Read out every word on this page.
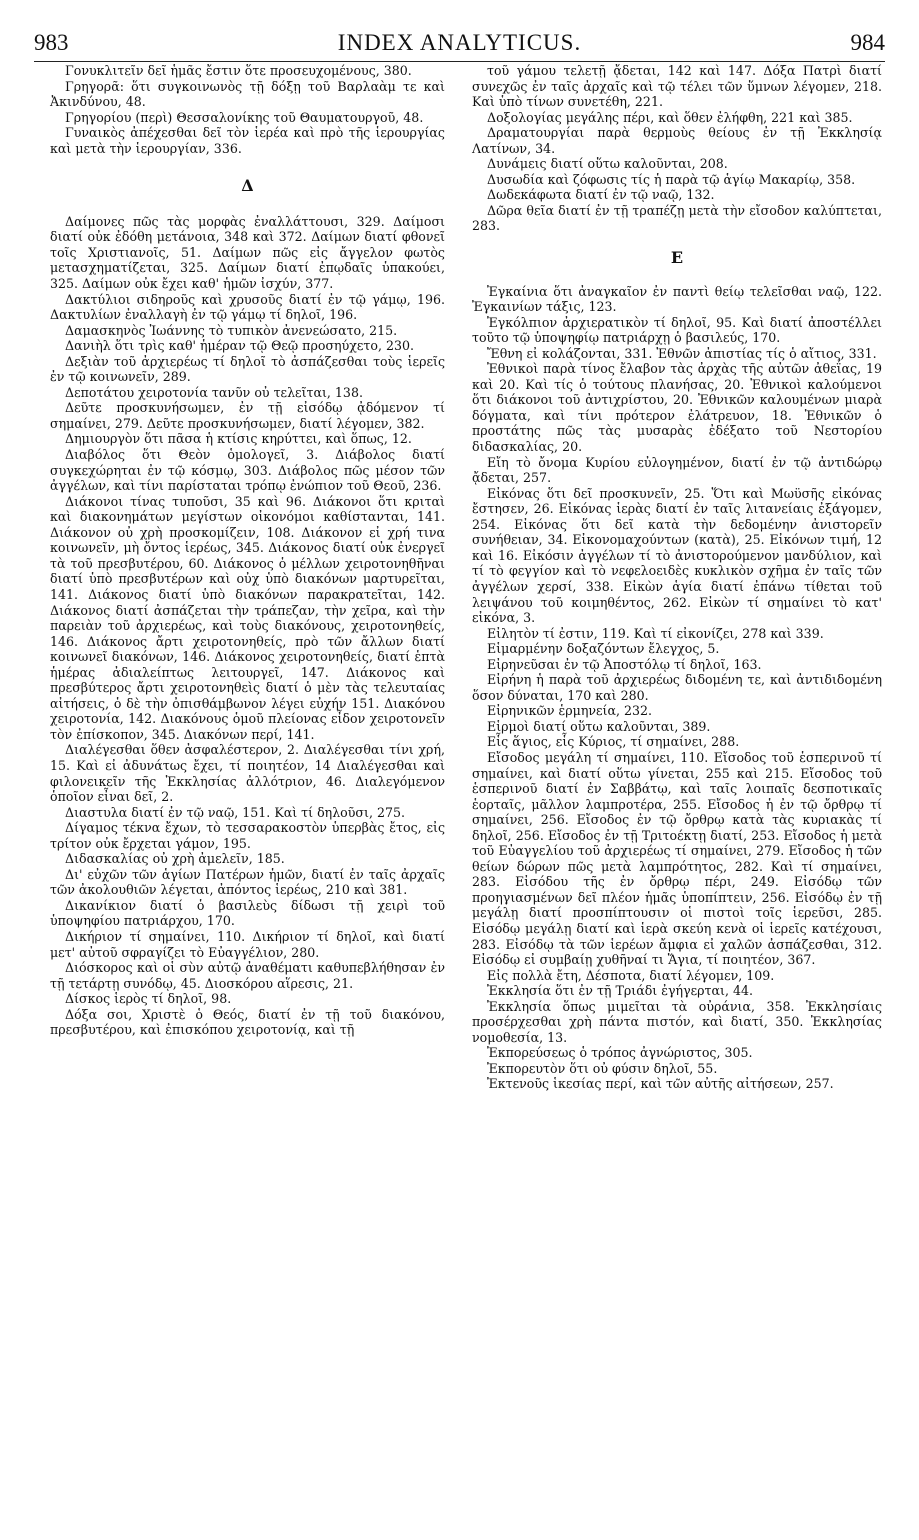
983	INDEX ANALYTICUS.	984

Γονυκλιτεῖν δεῖ ἡμᾶς ἔστιν ὅτε προσευχομένους, 380.

Γρηγορᾶ: ὅτι συγκοινωνὸς τῇ δόξῃ τοῦ Βαρλαὰμ τε καὶ Ἀκινδύνου, 48.

Γρηγορίου (περὶ) Θεσσαλονίκης τοῦ Θαυματουργοῦ, 48.

Γυναικὸς ἀπέχεσθαι δεῖ τὸν ἱερέα καὶ πρὸ τῆς ἱερουργίας καὶ μετὰ τὴν ἱερουργίαν, 336.

Δ

Δαίμονες πῶς τὰς μορφὰς ἐναλλάττουσι, 329. Δαίμοσι διατί οὐκ ἐδόθη μετάνοια, 348 καὶ 372. Δαίμων διατί φθονεῖ τοῖς Χριστιανοῖς, 51. Δαίμων πῶς εἰς ἄγγελον φωτὸς μετασχηματίζεται, 325. Δαίμων διατί ἐπῳδαῖς ὑπακούει, 325. Δαίμων οὐκ ἔχει καθ' ἡμῶν ἰσχύν, 377.

Δακτύλιοι σιδηροῦς καὶ χρυσοῦς διατί ἐν τῷ γάμῳ, 196. Δακτυλίων ἐναλλαγὴ ἐν τῷ γάμῳ τί δηλοῖ, 196.

Δαμασκηνὸς Ἰωάννης τὸ τυπικὸν ἀνενεώσατο, 215.

Δανιὴλ ὅτι τρὶς καθ' ἡμέραν τῷ Θεῷ προσηύχετο, 230.

Δεξιὰν τοῦ ἀρχιερέως τί δηλοῖ τὸ ἀσπάζεσθαι τοὺς ἱερεῖς ἐν τῷ κοινωνεῖν, 289.

Δεποτάτου χειροτονία τανῦν οὐ τελεῖται, 138.

Δεῦτε προσκυνήσωμεν, ἐν τῇ εἰσόδῳ ᾀδόμενον τί σημαίνει, 279. Δεῦτε προσκυνήσωμεν, διατί λέγομεν, 382.

Δημιουργὸν ὅτι πᾶσα ἡ κτίσις κηρύττει, καὶ ὅπως, 12.

Διαβόλος ὅτι Θεὸν ὁμολογεῖ, 3. Διάβολος διατί συγκεχώρηται ἐν τῷ κόσμῳ, 303. Διάβολος πῶς μέσον τῶν ἀγγέλων, καὶ τίνι παρίσταται τρόπῳ ἐνώπιον τοῦ Θεοῦ, 236.

Διάκονοι τίνας τυποῦσι, 35 καὶ 96. Διάκονοι ὅτι κριταὶ καὶ διακονημάτων μεγίστων οἰκονόμοι καθίστανται, 141. Διάκονον οὐ χρὴ προσκομίζειν, 108. Διάκονον εἰ χρή τινα κοινωνεῖν, μὴ ὄντος ἱερέως, 345. Διάκονος διατί οὐκ ἐνεργεῖ τὰ τοῦ πρεσβυτέρου, 60. Διάκονος ὁ μέλλων χειροτονηθῆναι διατί ὑπὸ πρεσβυτέρων καὶ οὐχ ὑπὸ διακόνων μαρτυρεῖται, 141. Διάκονος διατί ὑπὸ διακόνων παρακρατεῖται, 142. Διάκονος διατί ἀσπάζεται τὴν τράπεζαν, τὴν χεῖρα, καὶ τὴν παρειὰν τοῦ ἀρχιερέως, καὶ τοὺς διακόνους, χειροτονηθείς, 146. Διάκονος ἄρτι χειροτονηθείς, πρὸ τῶν ἄλλων διατί κοινωνεῖ διακόνων, 146. Διάκονος χειροτονηθείς, διατί ἑπτὰ ἡμέρας ἀδιαλείπτως λειτουργεῖ, 147. Διάκονος καὶ πρεσβύτερος ἄρτι χειροτονηθεὶς διατί ὁ μὲν τὰς τελευταίας αἰτήσεις, ὁ δὲ τὴν ὀπισθάμβωνον λέγει εὐχήν 151. Διακόνου χειροτονία, 142. Διακόνους ὁμοῦ πλείονας εἶδον χειροτονεῖν τὸν ἐπίσκοπον, 345. Διακόνων περί, 141.

Διαλέγεσθαι ὅθεν ἀσφαλέστερον, 2. Διαλέγεσθαι τίνι χρή, 15. Καὶ εἰ ἀδυνάτως ἔχει, τί ποιητέον, 14 Διαλέγεσθαι καὶ φιλονεικεῖν τῆς Ἐκκλησίας ἀλλότριον, 46. Διαλεγόμενον ὁποῖον εἶναι δεῖ, 2.

Διαστυλα διατί ἐν τῷ ναῷ, 151. Καὶ τί δηλοῦσι, 275.

Δίγαμος τέκνα ἔχων, τὸ τεσσαρακοστὸν ὑπερβὰς ἔτος, εἰς τρίτον οὐκ ἔρχεται γάμον, 195.

Διδασκαλίας οὐ χρὴ ἀμελεῖν, 185.

Δι' εὐχῶν τῶν ἁγίων Πατέρων ἡμῶν, διατί ἐν ταῖς ἀρχαῖς τῶν ἀκολουθιῶν λέγεται, ἀπόντος ἱερέως, 210 καὶ 381.

Δικανίκιον διατί ὁ βασιλεὺς δίδωσι τῇ χειρὶ τοῦ ὑποψηφίου πατριάρχου, 170.

Δικήριον τί σημαίνει, 110. Δικήριον τί δηλοῖ, καὶ διατί μετ' αὐτοῦ σφραγίζει τὸ Εὐαγγέλιον, 280.

Διόσκορος καὶ οἱ σὺν αὐτῷ ἀναθέματι καθυπεβλήθησαν ἐν τῇ τετάρτῃ συνόδῳ, 45. Διοσκόρου αἵρεσις, 21.

Δίσκος ἱερὸς τί δηλοῖ, 98.

Δόξα σοι, Χριστὲ ὁ Θεός, διατί ἐν τῇ τοῦ διακόνου, πρεσβυτέρου, καὶ ἐπισκόπου χειροτονίᾳ, καὶ τῇ

τοῦ γάμου τελετῇ ᾄδεται, 142 καὶ 147. Δόξα Πατρὶ διατί συνεχῶς ἐν ταῖς ἀρχαῖς καὶ τῷ τέλει τῶν ὕμνων λέγομεν, 218. Καὶ ὑπὸ τίνων συνετέθη, 221.

Δοξολογίας μεγάλης πέρι, καὶ ὅθεν ἐλήφθη, 221 καὶ 385.

Δραματουργίαι παρὰ θερμοὺς θείους ἐν τῇ Ἐκκλησίᾳ Λατίνων, 34.

Δυνάμεις διατί οὕτω καλοῦνται, 208.

Δυσωδία καὶ ζόφωσις τίς ἡ παρὰ τῷ ἁγίῳ Μακαρίῳ, 358.

Δωδεκάφωτα διατί ἐν τῷ ναῷ, 132.

Δῶρα θεῖα διατί ἐν τῇ τραπέζῃ μετὰ τὴν εἴσοδον καλύπτεται, 283.

E

Ἐγκαίνια ὅτι ἀναγκαῖον ἐν παντὶ θείῳ τελεῖσθαι ναῷ, 122. Ἐγκαινίων τάξις, 123.

Ἐγκόλπιον ἀρχιερατικὸν τί δηλοῖ, 95. Καὶ διατί ἀποστέλλει τοῦτο τῷ ὑποψηφίῳ πατριάρχῃ ὁ βασιλεύς, 170.

Ἔθνη εἰ κολάζονται, 331. Ἐθνῶν ἀπιστίας τίς ὁ αἴτιος, 331.

Ἐθνικοὶ παρὰ τίνος ἔλαβον τὰς ἀρχὰς τῆς αὐτῶν ἀθεΐας, 19 καὶ 20. Καὶ τίς ὁ τούτους πλανήσας, 20. Ἐθνικοὶ καλούμενοι ὅτι διάκονοι τοῦ ἀντιχρίστου, 20. Ἐθνικῶν καλουμένων μιαρὰ δόγματα, καὶ τίνι πρότερον ἐλάτρευον, 18. Ἐθνικῶν ὁ προστάτης πῶς τὰς μυσαρὰς ἐδέξατο τοῦ Νεστορίου διδασκαλίας, 20.

Εἴη τὸ ὄνομα Κυρίου εὐλογημένον, διατί ἐν τῷ ἀντιδώρῳ ᾄδεται, 257.

Εἰκόνας ὅτι δεῖ προσκυνεῖν, 25. Ὅτι καὶ Μωϋσῆς εἰκόνας ἔστησεν, 26. Εἰκόνας ἱερὰς διατί ἐν ταῖς λιτανείαις ἐξάγομεν, 254. Εἰκόνας ὅτι δεῖ κατὰ τὴν δεδομένην ἀνιστορεῖν συνήθειαν, 34. Εἰκονομαχούντων (κατὰ), 25. Εἰκόνων τιμή, 12 καὶ 16. Εἰκόσιν ἀγγέλων τί τὸ ἀνιστορούμενον μανδύλιον, καὶ τί τὸ φεγγίον καὶ τὸ νεφελοειδὲς κυκλικὸν σχῆμα ἐν ταῖς τῶν ἀγγέλων χερσί, 338. Εἰκὼν ἁγία διατί ἐπάνω τίθεται τοῦ λειψάνου τοῦ κοιμηθέντος, 262. Εἰκὼν τί σημαίνει τὸ κατ' εἰκόνα, 3.

Εἰλητὸν τί ἐστιν, 119. Καὶ τί εἰκονίζει, 278 καὶ 339.

Εἱμαρμένην δοξαζόντων ἔλεγχος, 5.

Εἰρηνεῦσαι ἐν τῷ Ἀποστόλῳ τί δηλοῖ, 163.

Εἰρήνη ἡ παρὰ τοῦ ἀρχιερέως διδομένη τε, καὶ ἀντιδιδομένη ὅσον δύναται, 170 καὶ 280.

Εἰρηνικῶν ἑρμηνεία, 232.

Εἱρμοὶ διατί οὕτω καλοῦνται, 389.

Εἷς ἅγιος, εἷς Κύριος, τί σημαίνει, 288.

Εἴσοδος μεγάλη τί σημαίνει, 110. Εἴσοδος τοῦ ἑσπερινοῦ τί σημαίνει, καὶ διατί οὕτω γίνεται, 255 καὶ 215. Εἴσοδος τοῦ ἑσπερινοῦ διατί ἐν Σαββάτῳ, καὶ ταῖς λοιπαῖς δεσποτικαῖς ἑορταῖς, μᾶλλον λαμπροτέρα, 255. Εἴσοδος ἡ ἐν τῷ ὄρθρῳ τί σημαίνει, 256. Εἴσοδος ἐν τῷ ὄρθρῳ κατὰ τὰς κυριακὰς τί δηλοῖ, 256. Εἴσοδος ἐν τῇ Τριτοέκτῃ διατί, 253. Εἴσοδος ἡ μετὰ τοῦ Εὐαγγελίου τοῦ ἀρχιερέως τί σημαίνει, 279. Εἴσοδος ἡ τῶν θείων δώρων πῶς μετὰ λαμπρότητος, 282. Καὶ τί σημαίνει, 283. Εἰσόδου τῆς ἐν ὄρθρῳ πέρι, 249. Εἰσόδῳ τῶν προηγιασμένων δεῖ πλέον ἡμᾶς ὑποπίπτειν, 256. Εἰσόδῳ ἐν τῇ μεγάλῃ διατί προσπίπτουσιν οἱ πιστοὶ τοῖς ἱερεῦσι, 285. Εἰσόδῳ μεγάλῃ διατί καὶ ἱερὰ σκεύη κενὰ οἱ ἱερεῖς κατέχουσι, 283. Εἰσόδῳ τὰ τῶν ἱερέων ἄμφια εἰ χαλῶν ἀσπάζεσθαι, 312. Εἰσόδῳ εἰ συμβαίῃ χυθῆναί τι Ἅγια, τί ποιητέον, 367.

Εἰς πολλὰ ἔτη, Δέσποτα, διατί λέγομεν, 109.

Ἐκκλησία ὅτι ἐν τῇ Τριάδι ἐγήγερται, 44.

Ἐκκλησία ὅπως μιμεῖται τὰ οὐράνια, 358. Ἐκκλησίαις προσέρχεσθαι χρὴ πάντα πιστόν, καὶ διατί, 350. Ἐκκλησίας νομοθεσία, 13.

Ἐκπορεύσεως ὁ τρόπος ἀγνώριστος, 305.

Ἐκπορευτὸν ὅτι οὐ φύσιν δηλοῖ, 55.

Ἐκτενοῦς ἱκεσίας περί, καὶ τῶν αὐτῆς αἰτήσεων, 257.
